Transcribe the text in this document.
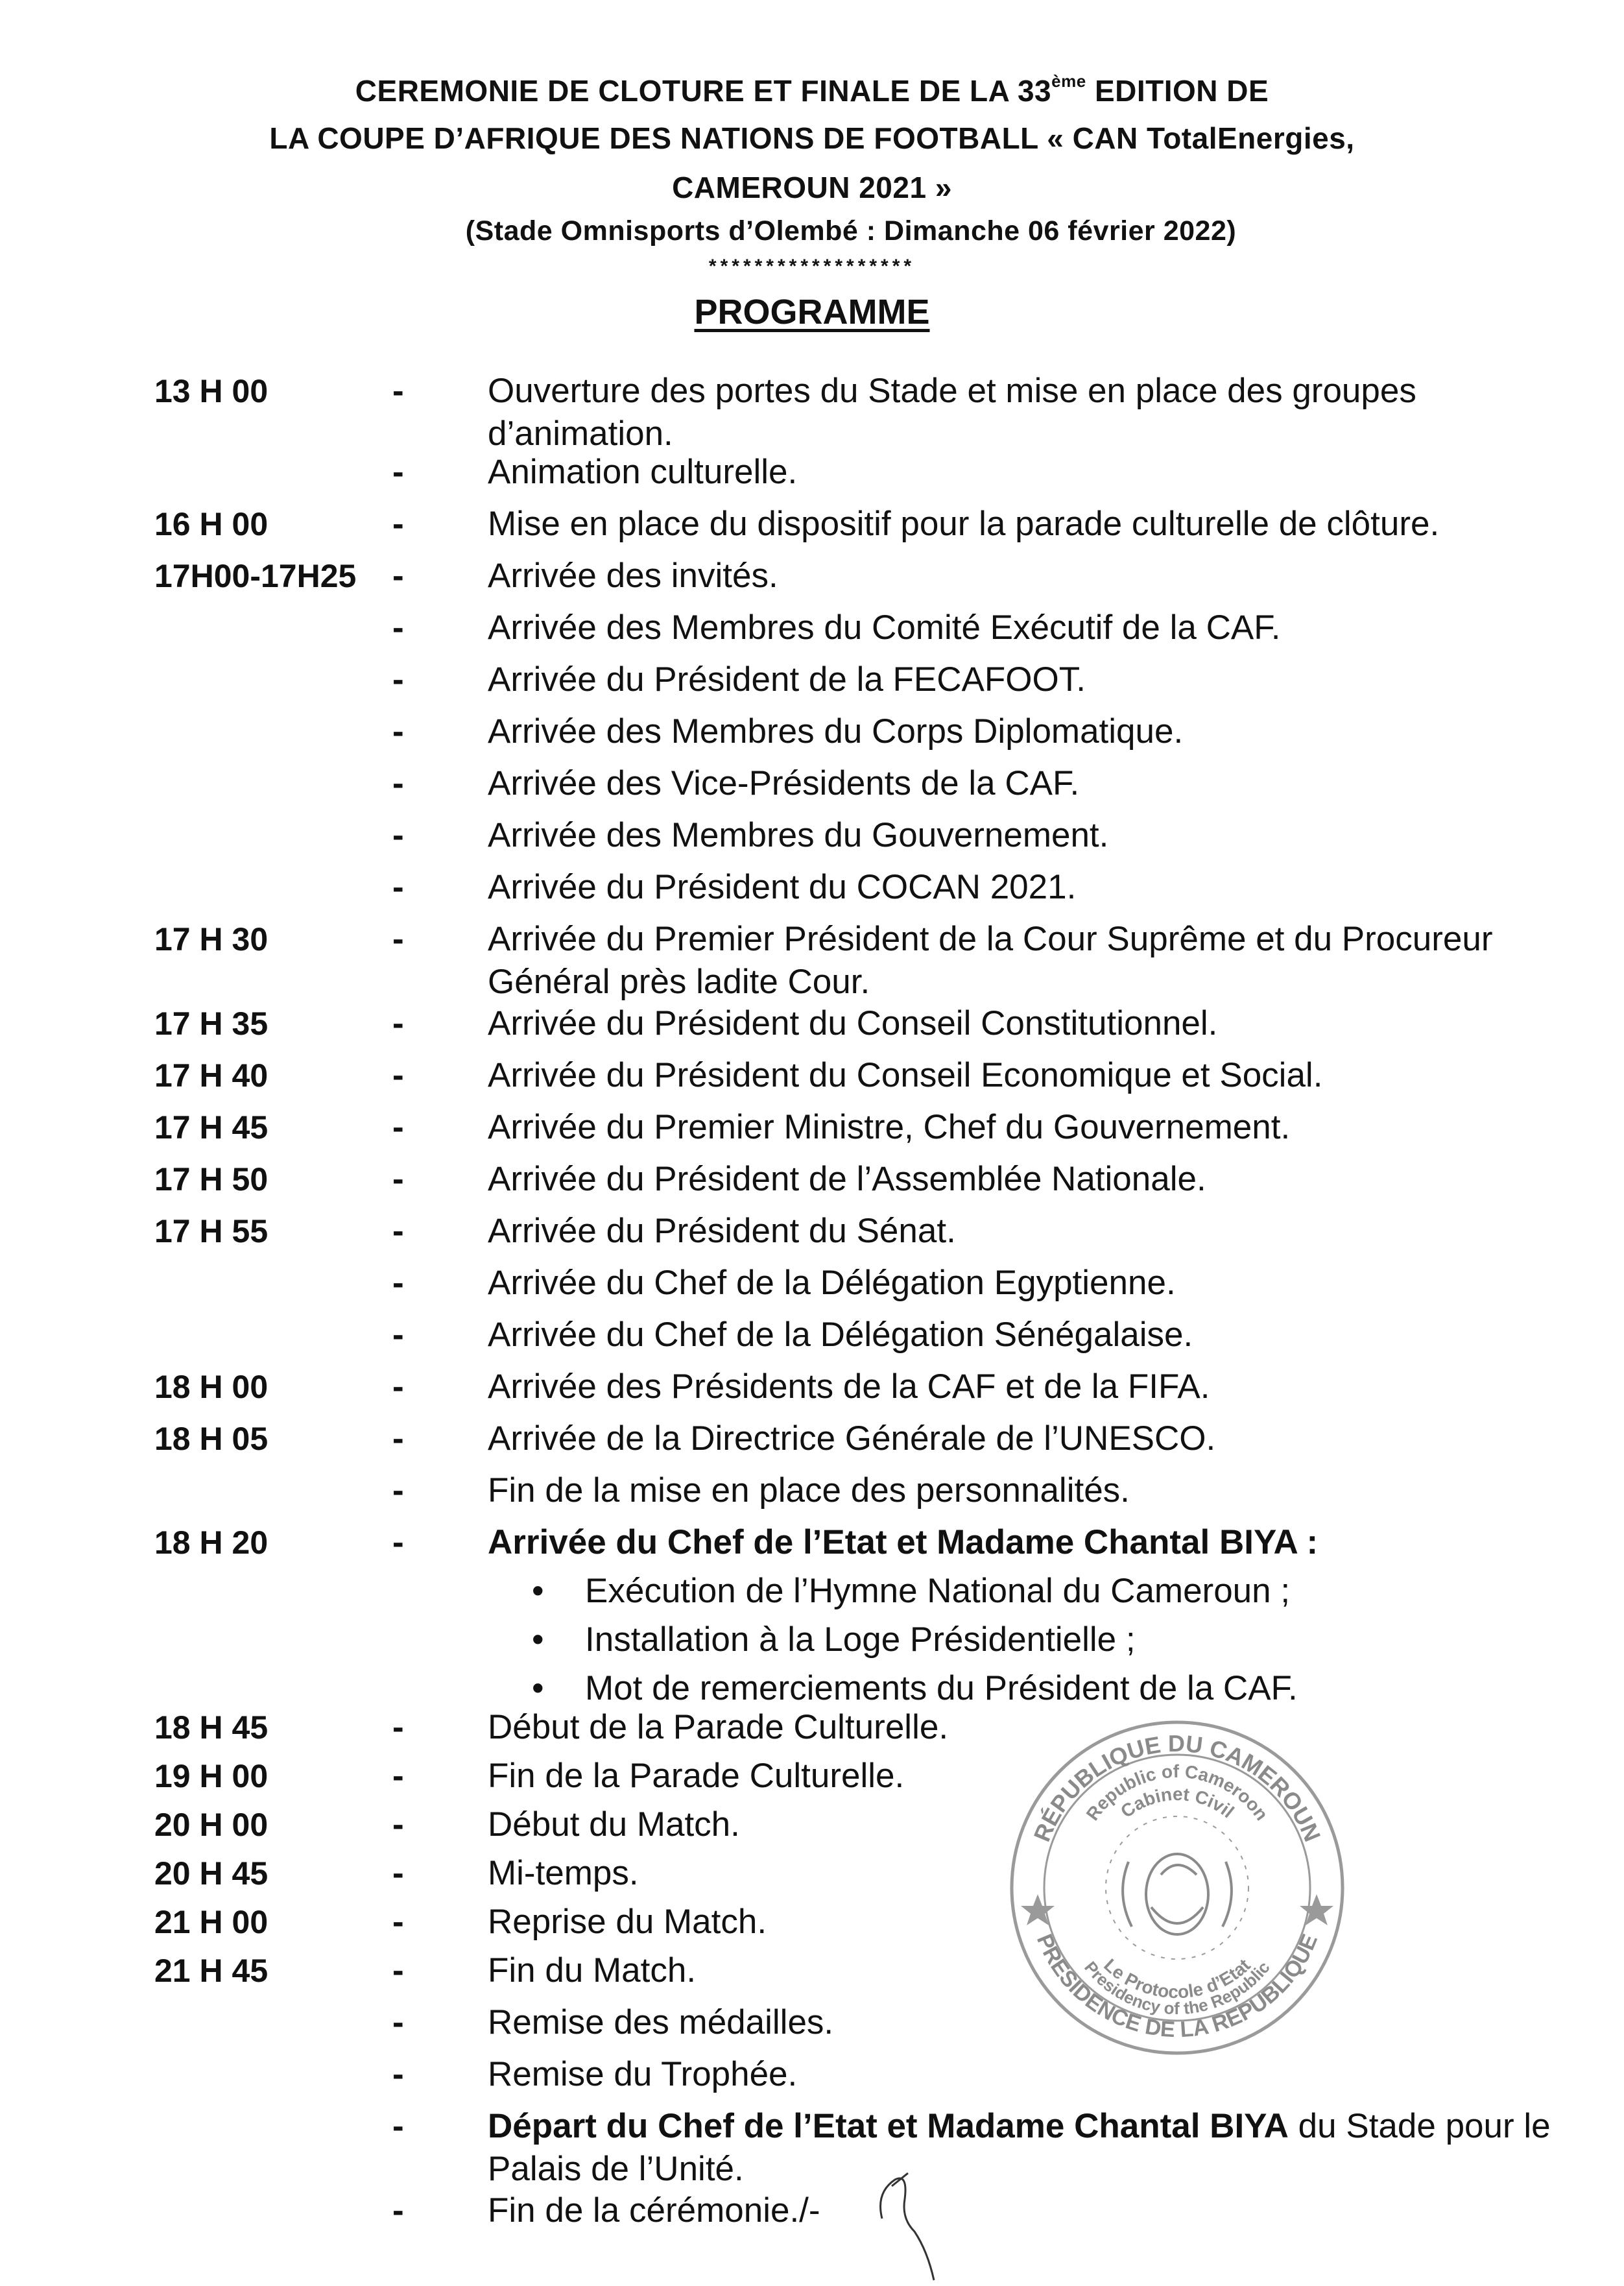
CEREMONIE DE CLOTURE ET FINALE DE LA 33ème EDITION DE
LA COUPE D’AFRIQUE DES NATIONS DE FOOTBALL « CAN TotalEnergies,
CAMEROUN 2021 »
(Stade Omnisports d’Olembé : Dimanche 06 février 2022)
******************
PROGRAMME
13 H 00	- Ouverture des portes du Stade et mise en place des groupes d’animation.
- Animation culturelle.
16 H 00	- Mise en place du dispositif pour la parade culturelle de clôture.
17H00-17H25 - Arrivée des invités.
- Arrivée des Membres du Comité Exécutif de la CAF.
- Arrivée du Président de la FECAFOOT.
- Arrivée des Membres du Corps Diplomatique.
- Arrivée des Vice-Présidents de la CAF.
- Arrivée des Membres du Gouvernement.
- Arrivée du Président du COCAN 2021.
17 H 30	- Arrivée du Premier Président de la Cour Suprême et du Procureur Général près ladite Cour.
17 H 35	- Arrivée du Président du Conseil Constitutionnel.
17 H 40	- Arrivée du Président du Conseil Economique et Social.
17 H 45	- Arrivée du Premier Ministre, Chef du Gouvernement.
17 H 50	- Arrivée du Président de l’Assemblée Nationale.
17 H 55	- Arrivée du Président du Sénat.
- Arrivée du Chef de la Délégation Egyptienne.
- Arrivée du Chef de la Délégation Sénégalaise.
18 H 00	- Arrivée des Présidents de la CAF et de la FIFA.
18 H 05	- Arrivée de la Directrice Générale de l’UNESCO.
- Fin de la mise en place des personnalités.
18 H 20	- Arrivée du Chef de l’Etat et Madame Chantal BIYA :
18 H 45	- Début de la Parade Culturelle.
19 H 00	- Fin de la Parade Culturelle.
20 H 00	- Début du Match.
20 H 45	- Mi-temps.
21 H 00	- Reprise du Match.
21 H 45	- Fin du Match.
- Remise des médailles.
- Remise du Trophée.
- Départ du Chef de l’Etat et Madame Chantal BIYA du Stade pour le Palais de l’Unité.
- Fin de la cérémonie./-
• Exécution de l’Hymne National du Cameroun ;
• Installation à la Loge Présidentielle ;
• Mot de remerciements du Président de la CAF.
RÉPUBLIQUE DU CAMEROUN
PRESIDENCE DE LA REPUBLIQUE
Republic of Cameroon
Cabinet Civil
Le Protocole d’Etat
Presidency of the Republic
